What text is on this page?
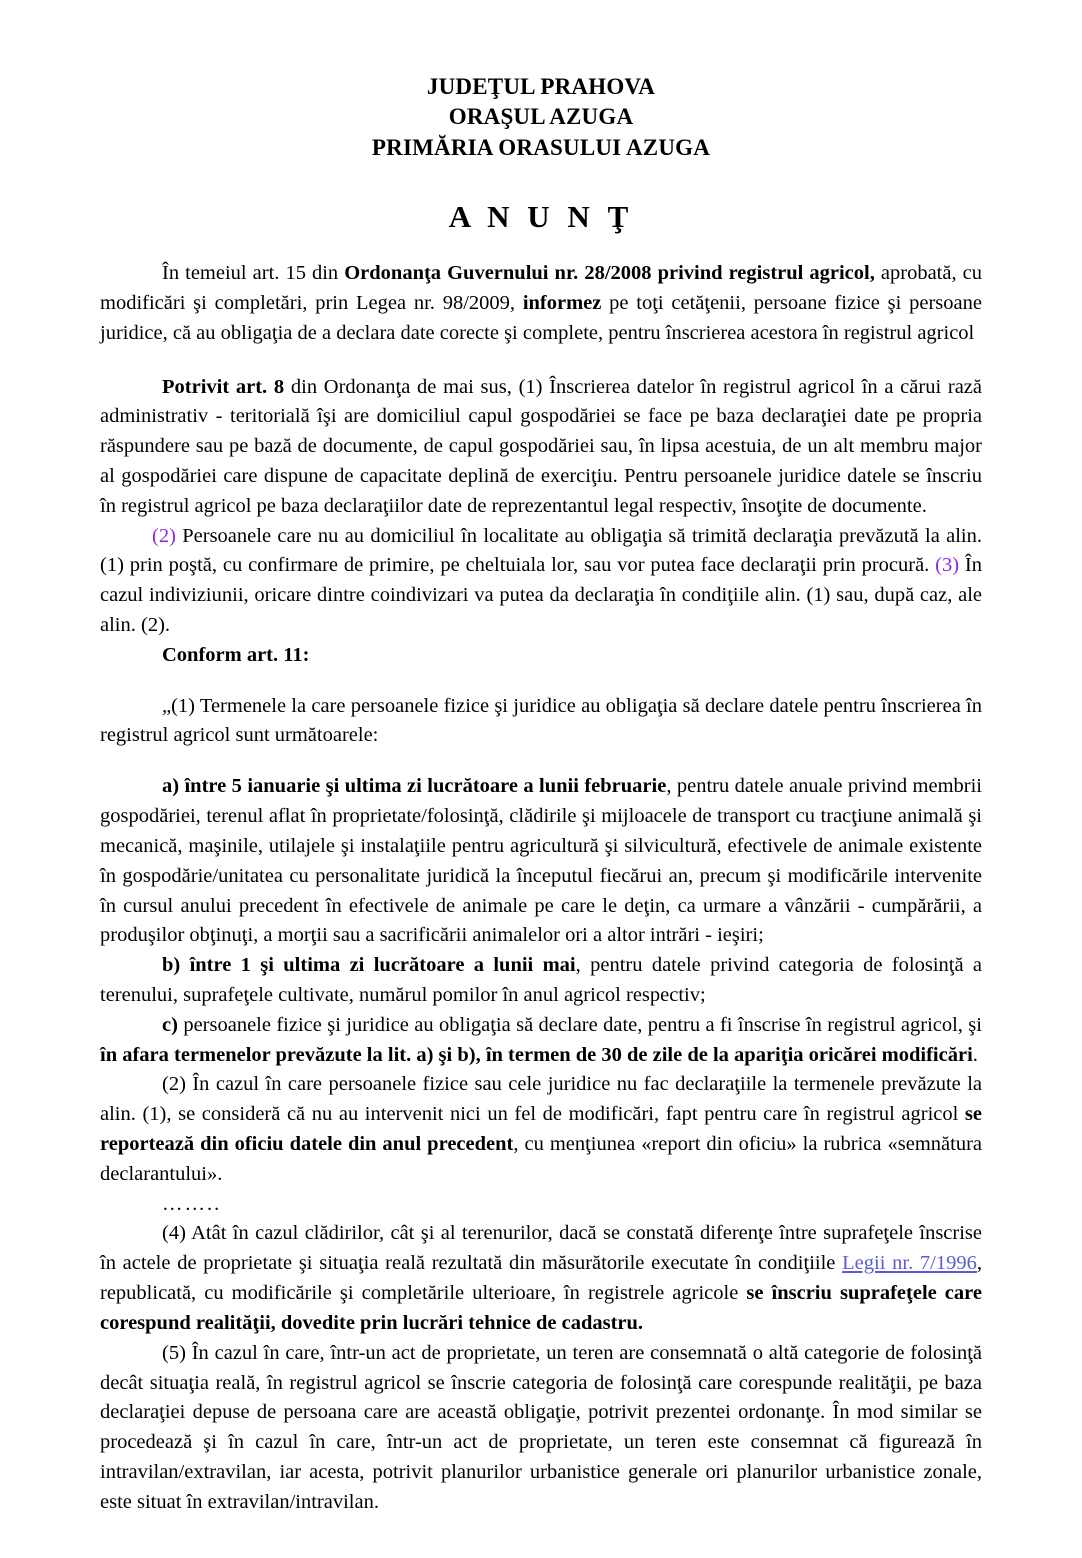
JUDEŢUL PRAHOVA
ORAŞUL AZUGA
PRIMĂRIA ORASULUI AZUGA
A N U N Ţ

În temeiul art. 15 din Ordonanţa Guvernului nr. 28/2008 privind registrul agricol, aprobată, cu modificări şi completări, prin Legea nr. 98/2009, informez pe toţi cetăţenii, persoane fizice şi persoane juridice, că au obligaţia de a declara date corecte şi complete, pentru înscrierea acestora în registrul agricol

Potrivit art. 8 din Ordonanţa de mai sus, (1) Înscrierea datelor în registrul agricol în a cărui rază administrativ - teritorială îşi are domiciliul capul gospodăriei se face pe baza declaraţiei date pe propria răspundere sau pe bază de documente, de capul gospodăriei sau, în lipsa acestuia, de un alt membru major al gospodăriei care dispune de capacitate deplină de exerciţiu. Pentru persoanele juridice datele se înscriu în registrul agricol pe baza declaraţiilor date de reprezentantul legal respectiv, însoţite de documente.

(2) Persoanele care nu au domiciliul în localitate au obligaţia să trimită declaraţia prevăzută la alin. (1) prin poştă, cu confirmare de primire, pe cheltuiala lor, sau vor putea face declaraţii prin procură. (3) În cazul indiviziunii, oricare dintre coindivizari va putea da declaraţia în condiţiile alin. (1) sau, după caz, ale alin. (2).

Conform art. 11:

„(1) Termenele la care persoanele fizice şi juridice au obligaţia să declare datele pentru înscrierea în registrul agricol sunt următoarele:

a) între 5 ianuarie şi ultima zi lucrătoare a lunii februarie, pentru datele anuale privind membrii gospodăriei, terenul aflat în proprietate/folosinţă, clădirile şi mijloacele de transport cu tracţiune animală şi mecanică, maşinile, utilajele şi instalaţiile pentru agricultură şi silvicultură, efectivele de animale existente în gospodărie/unitatea cu personalitate juridică la începutul fiecărui an, precum şi modificările intervenite în cursul anului precedent în efectivele de animale pe care le deţin, ca urmare a vânzării - cumpărării, a produşilor obţinuţi, a morţii sau a sacrificării animalelor ori a altor intrări - ieşiri;

b) între 1 şi ultima zi lucrătoare a lunii mai, pentru datele privind categoria de folosinţă a terenului, suprafeţele cultivate, numărul pomilor în anul agricol respectiv;

c) persoanele fizice şi juridice au obligaţia să declare date, pentru a fi înscrise în registrul agricol, şi în afara termenelor prevăzute la lit. a) şi b), în termen de 30 de zile de la apariţia oricărei modificări.

(2) În cazul în care persoanele fizice sau cele juridice nu fac declaraţiile la termenele prevăzute la alin. (1), se consideră că nu au intervenit nici un fel de modificări, fapt pentru care în registrul agricol se reportează din oficiu datele din anul precedent, cu menţiunea «report din oficiu» la rubrica «semnătura declarantului».

……..

(4) Atât în cazul clădirilor, cât şi al terenurilor, dacă se constată diferenţe între suprafeţele înscrise în actele de proprietate şi situaţia reală rezultată din măsurătorile executate în condiţiile Legii nr. 7/1996, republicată, cu modificările şi completările ulterioare, în registrele agricole se înscriu suprafeţele care corespund realităţii, dovedite prin lucrări tehnice de cadastru.

(5) În cazul în care, într-un act de proprietate, un teren are consemnată o altă categorie de folosinţă decât situaţia reală, în registrul agricol se înscrie categoria de folosinţă care corespunde realităţii, pe baza declaraţiei depuse de persoana care are această obligaţie, potrivit prezentei ordonanţe. În mod similar se procedează şi în cazul în care, într-un act de proprietate, un teren este consemnat că figurează în intravilan/extravilan, iar acesta, potrivit planurilor urbanistice generale ori planurilor urbanistice zonale, este situat în extravilan/intravilan.
